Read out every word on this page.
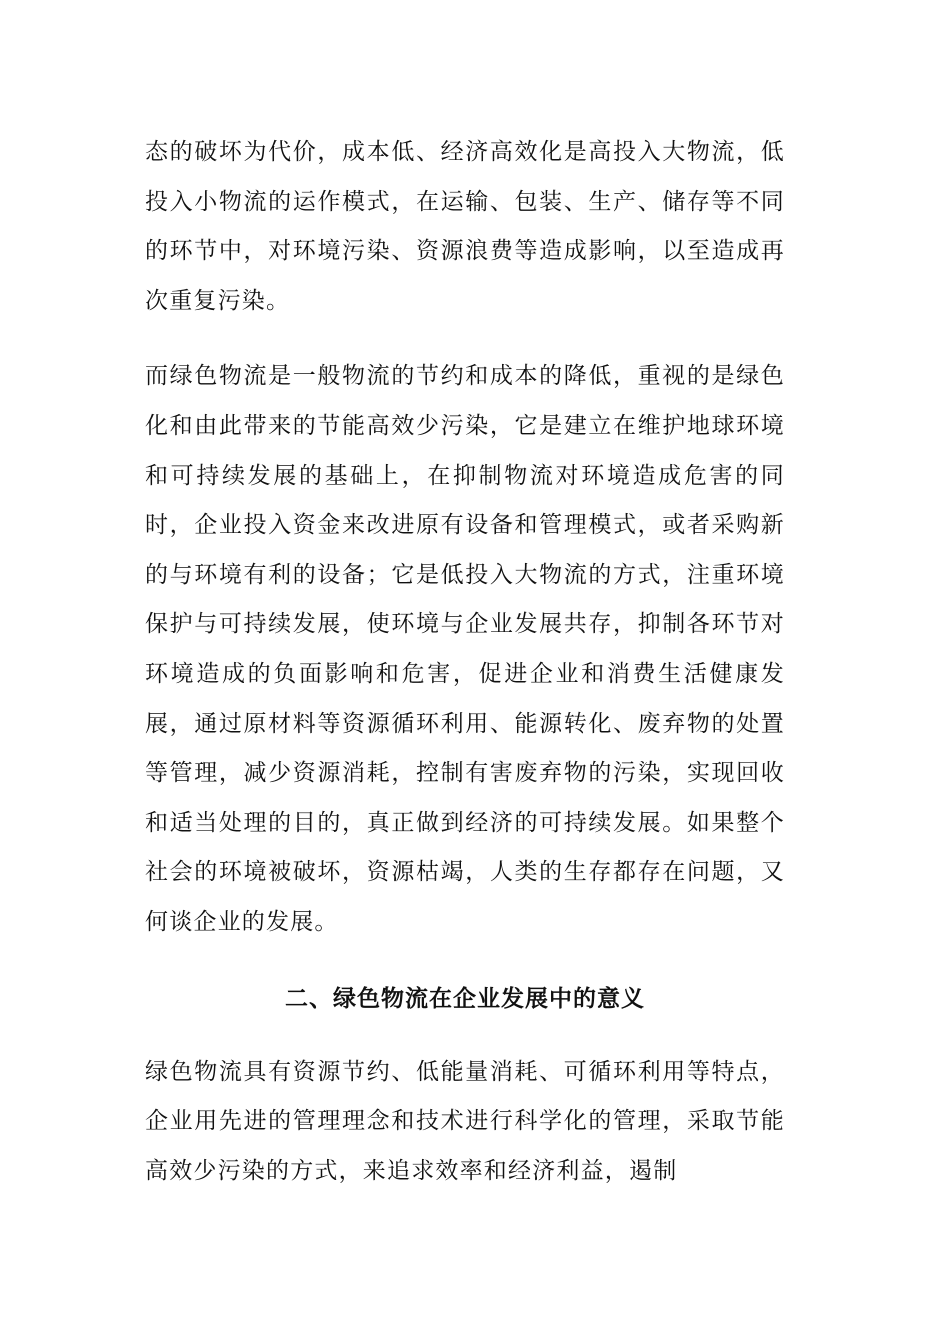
态的破坏为代价，成本低、经济高效化是高投入大物流，低投入小物流的运作模式，在运输、包装、生产、储存等不同的环节中，对环境污染、资源浪费等造成影响，以至造成再次重复污染。

而绿色物流是一般物流的节约和成本的降低，重视的是绿色化和由此带来的节能高效少污染，它是建立在维护地球环境和可持续发展的基础上，在抑制物流对环境造成危害的同时，企业投入资金来改进原有设备和管理模式，或者采购新的与环境有利的设备；它是低投入大物流的方式，注重环境保护与可持续发展，使环境与企业发展共存，抑制各环节对环境造成的负面影响和危害，促进企业和消费生活健康发展，通过原材料等资源循环利用、能源转化、废弃物的处置等管理，减少资源消耗，控制有害废弃物的污染，实现回收和适当处理的目的，真正做到经济的可持续发展。如果整个社会的环境被破坏，资源枯竭，人类的生存都存在问题，又何谈企业的发展。

二、绿色物流在企业发展中的意义

绿色物流具有资源节约、低能量消耗、可循环利用等特点，企业用先进的管理理念和技术进行科学化的管理，采取节能高效少污染的方式，来追求效率和经济利益，遏制
